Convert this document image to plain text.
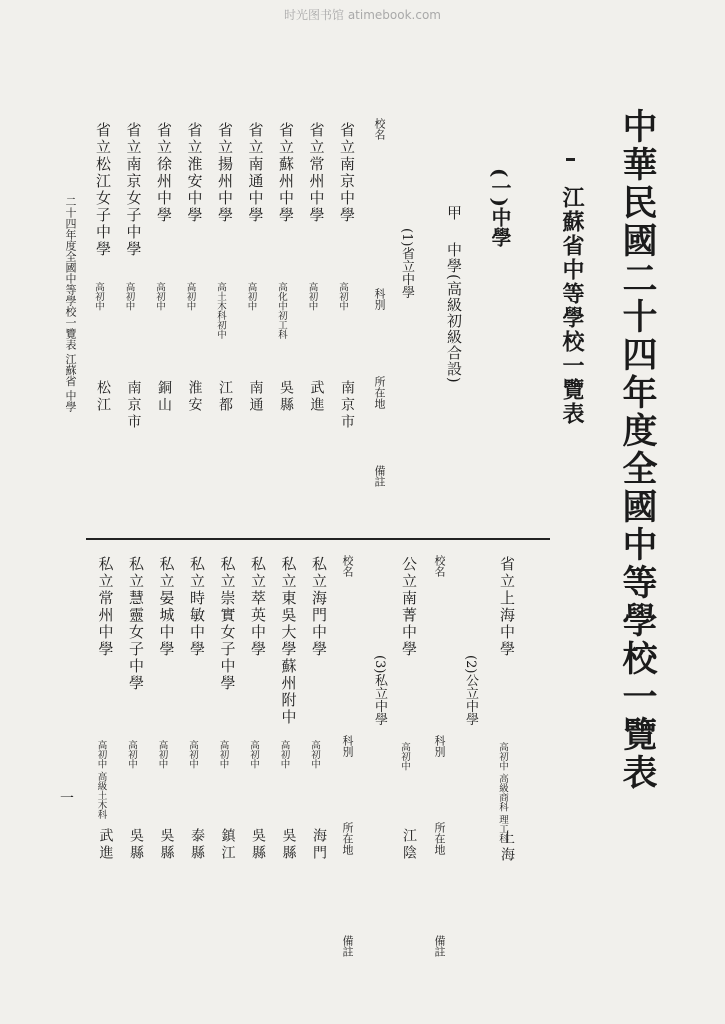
时光图书馆 atimebook.com
中華民國二十四年度全國中等學校一覽表
江蘇省中等學校一覽表
(一)中學
甲
中學(高級初級合設)
(1)省立中學
校名
科別
所在地
備註
省立南京中學
高初中
南京市
省立常州中學
高初中
武進
省立蘇州中學
高化中初工科
吳縣
省立南通中學
高初中
南通
省立揚州中學
高土木科初中
江都
省立淮安中學
高初中
淮安
省立徐州中學
高初中
銅山
省立南京女子中學
高初中
南京市
省立松江女子中學
高初中
松江
省立上海中學
高初中 高級商科 理工科
上海
(2)公立中學
校名
科別
所在地
備註
公立南菁中學
高初中
江陰
(3)私立中學
校名
科別
所在地
備註
私立海門中學
高初中
海門
私立東吳大學蘇州附中
高初中
吳縣
私立萃英中學
高初中
吳縣
私立崇實女子中學
高初中
鎮江
私立時敏中學
高初中
泰縣
私立晏城中學
高初中
吳縣
私立慧靈女子中學
高初中
吳縣
私立常州中學
高初中 高級土木科
武進
二十四年度全國中等學校一覽表 江蘇省 中學
一
